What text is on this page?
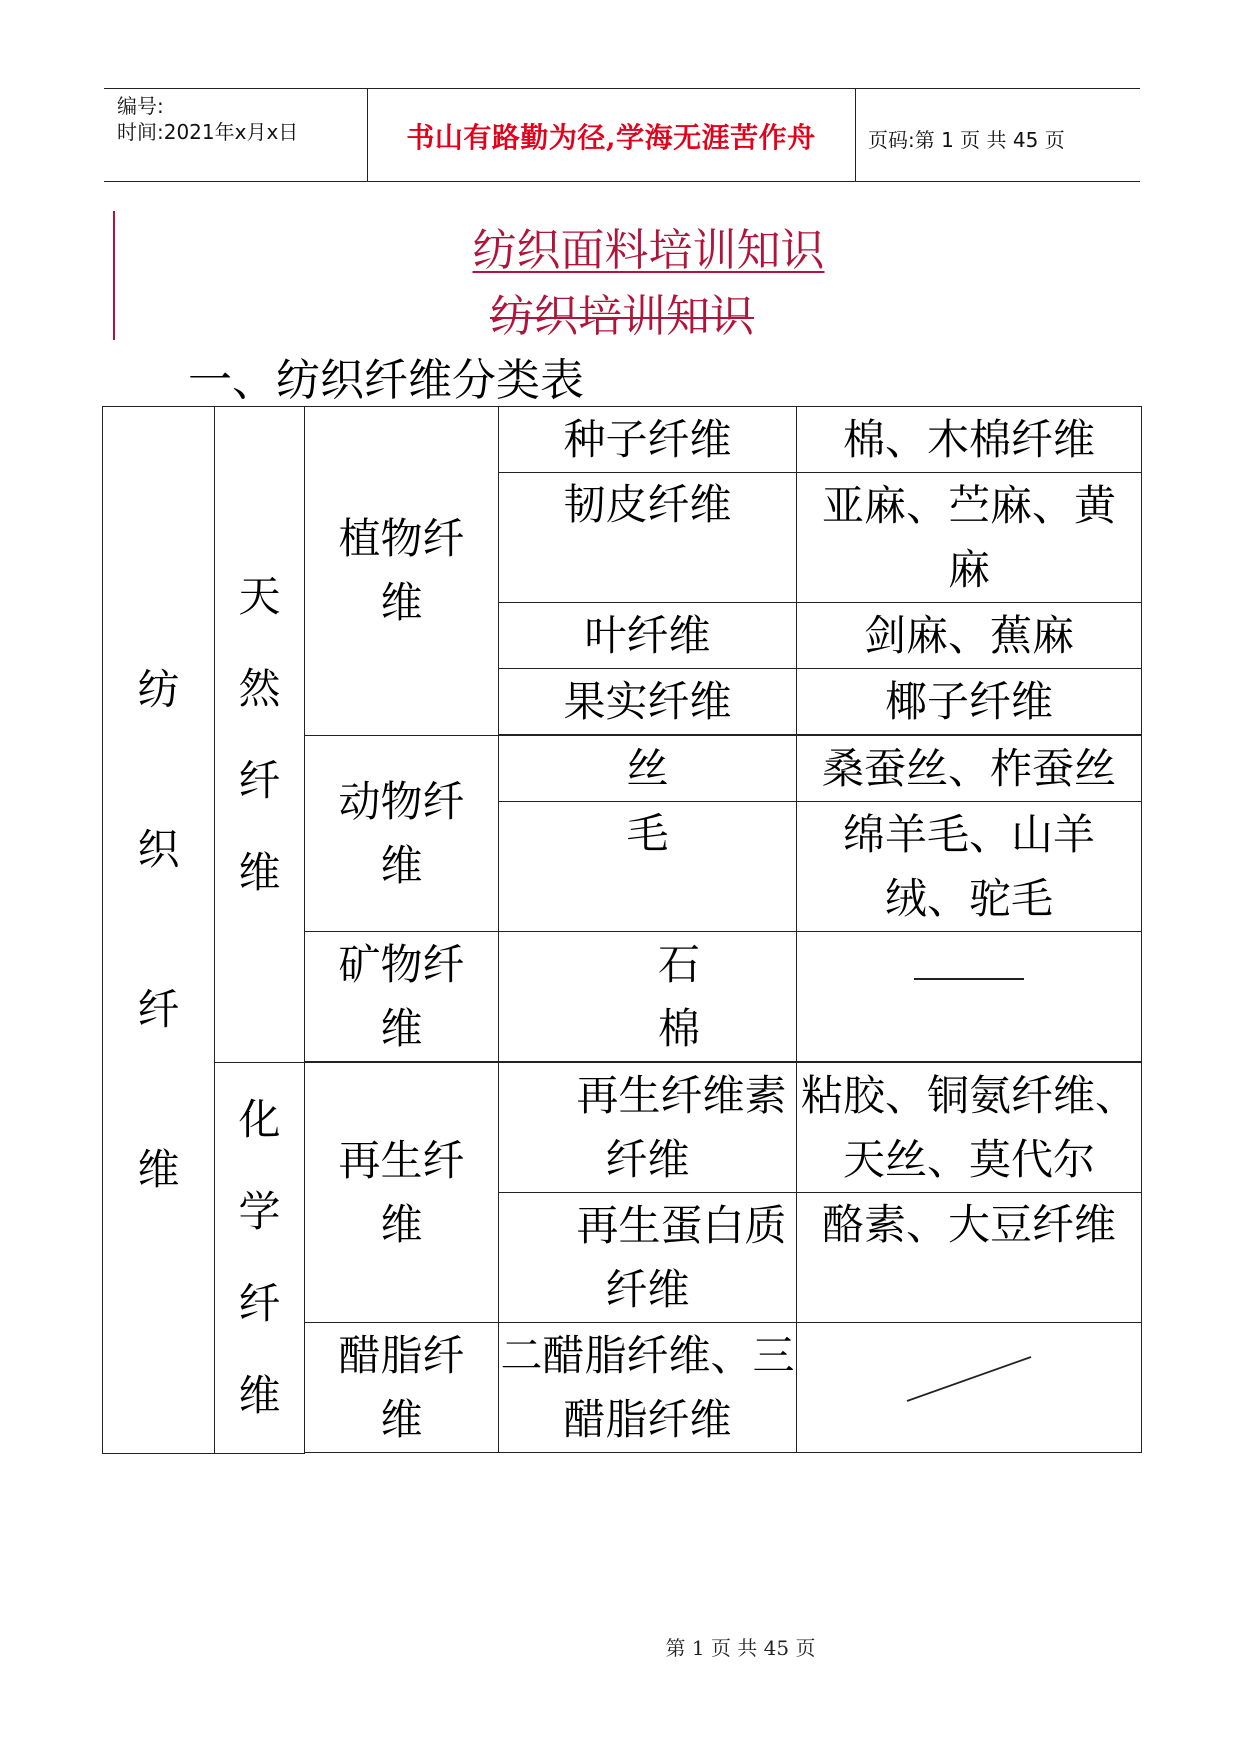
编号:
时间:2021年x月x日	书山有路勤为径,学海无涯苦作舟	页码:第 1 页 共 45 页
纺织面料培训知识
纺织培训知识
一、纺织纤维分类表
纺
织
纤
维	天
然
纤
维	植物纤维	种子纤维	棉、木棉纤维
			韧皮纤维	亚麻、苎麻、黄麻
			叶纤维	剑麻、蕉麻
			果实纤维	椰子纤维

		动物纤维	丝	桑蚕丝、柞蚕丝
			毛	绵羊毛、山羊绒、驼毛

		矿物纤维	石 棉	

	化
学
纤
维	再生纤维	再生纤维素纤维	粘胶、铜氨纤维、天丝、莫代尔

			再生蛋白质纤维	酪素、大豆纤维

		醋脂纤维	二醋脂纤维、三醋脂纤维	

第 1 页 共 45 页
